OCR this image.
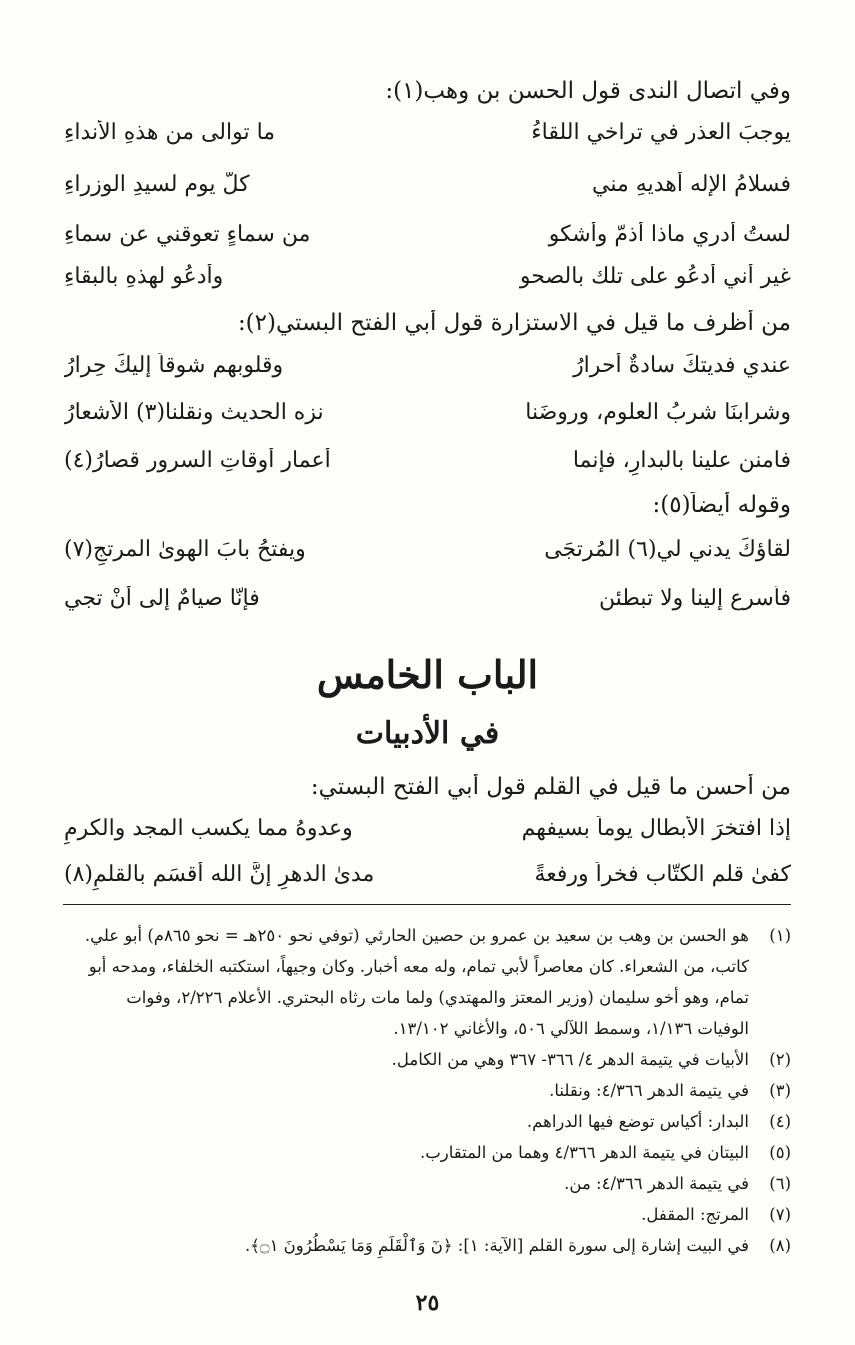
وفي اتصال الندى قول الحسن بن وهب(١):
يوجبَ العذر في تراخي اللقاءُ
ما توالى من هذهِ الأنداءِ
فسلامُ الإله أهديهِ مني
كلّ يوم لسيدِ الوزراءِ
لستُ أدري ماذا أذمّ وأشكو
من سماءٍ تعوقني عن سماءِ
غير أني أدعُو على تلك بالصحو
وأدعُو لهذهِ بالبقاءِ
من أظرف ما قيل في الاستزارة قول أبي الفتح البستي(٢):
عندي فديتكَ سادةٌ أحرارُ
وقلوبهم شوقاً إليكَ حِرارُ
وشرابنَا شربُ العلوم، وروضَنا
نزه الحديث ونقلنا(٣) الأشعارُ
فامنن علينا بالبدارِ، فإنما
أعمار أوقاتِ السرور قصارُ(٤)
وقوله أيضاً(٥):
لقاؤكَ يدني لي(٦) المُرتجَى
ويفتحُ بابَ الهوىٰ المرتجِ(٧)
فأسرع إلينا ولا تبطئن
فإنّا صيامٌ إلى أنْ تجي
الباب الخامس
في الأدبيات
من أحسن ما قيل في القلم قول أبي الفتح البستي:
إذا افتخرَ الأبطال يوماً بسيفهم
وعدوهُ مما يكسب المجد والكرمِ
كفىٰ قلم الكتّاب فخراً ورفعةً
مدىٰ الدهرِ إنَّ الله أقسَم بالقلمِ(٨)
(١)هو الحسن بن وهب بن سعيد بن عمرو بن حصين الحارثي (توفي نحو ٢٥٠هـ = نحو ٨٦٥م) أبو علي.
كاتب، من الشعراء. كان معاصراً لأبي تمام، وله معه أخبار. وكان وجيهاً، استكتبه الخلفاء، ومدحه أبو
تمام، وهو أخو سليمان (وزير المعتز والمهتدي) ولما مات رثاه البحتري. الأعلام ٢/٢٢٦، وفوات
الوفيات ١/١٣٦، وسمط اللآلي ٥٠٦، والأغاني ١٣/١٠٢.
(٢)الأبيات في يتيمة الدهر ٤/ ٣٦٦- ٣٦٧ وهي من الكامل.
(٣)في يتيمة الدهر ٤/٣٦٦: ونقلنا.
(٤)البدار: أكياس توضع فيها الدراهم.
(٥)البيتان في يتيمة الدهر ٤/٣٦٦ وهما من المتقارب.
(٦)في يتيمة الدهر ٤/٣٦٦: من.
(٧)المرتج: المقفل.
(٨)في البيت إشارة إلى سورة القلم [الآية: ١]: ﴿نٓ وَٱلْقَلَمِ وَمَا يَسْطُرُونَ ۝١﴾.
٢٥
